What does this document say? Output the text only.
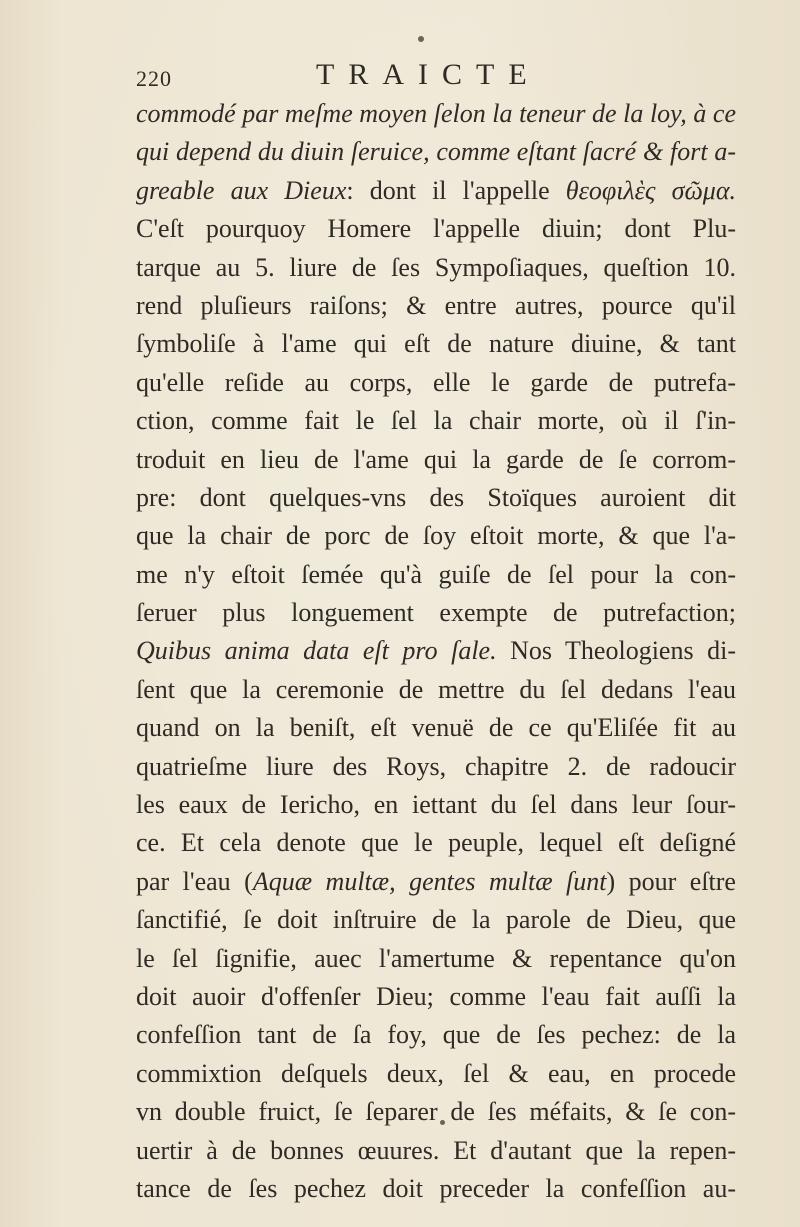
220	TRAICTE
commodé par meſme moyen ſelon la teneur de la loy, à ce
qui depend du diuin ſeruice, comme eſtant ſacré & fort a-
greable aux Dieux: dont il l'appelle θεοφιλὲς σῶμα.
C'eſt pourquoy Homere l'appelle diuin; dont Plu-
tarque au 5. liure de ſes Sympoſiaques, queſtion 10.
rend pluſieurs raiſons; & entre autres, pource qu'il
ſymboliſe à l'ame qui eſt de nature diuine, & tant
qu'elle reſide au corps, elle le garde de putrefa-
ction, comme fait le ſel la chair morte, où il ſ'in-
troduit en lieu de l'ame qui la garde de ſe corrom-
pre: dont quelques-vns des Stoïques auroient dit
que la chair de porc de ſoy eſtoit morte, & que l'a-
me n'y eſtoit ſemée qu'à guiſe de ſel pour la con-
ſeruer plus longuement exempte de putrefaction;
Quibus anima data eſt pro ſale. Nos Theologiens di-
ſent que la ceremonie de mettre du ſel dedans l'eau
quand on la beniſt, eſt venuë de ce qu'Eliſée fit au
quatrieſme liure des Roys, chapitre 2. de radoucir
les eaux de Iericho, en iettant du ſel dans leur ſour-
ce. Et cela denote que le peuple, lequel eſt deſigné
par l'eau (Aquæ multæ, gentes multæ ſunt) pour eſtre
ſanctifié, ſe doit inſtruire de la parole de Dieu, que
le ſel ſignifie, auec l'amertume & repentance qu'on
doit auoir d'offenſer Dieu; comme l'eau fait auſſi la
confeſſion tant de ſa foy, que de ſes pechez: de la
commixtion deſquels deux, ſel & eau, en procede
vn double fruict, ſe ſeparer de ſes méfaits, & ſe con-
uertir à de bonnes œuures. Et d'autant que la repen-
tance de ſes pechez doit preceder la confeſſion au-
